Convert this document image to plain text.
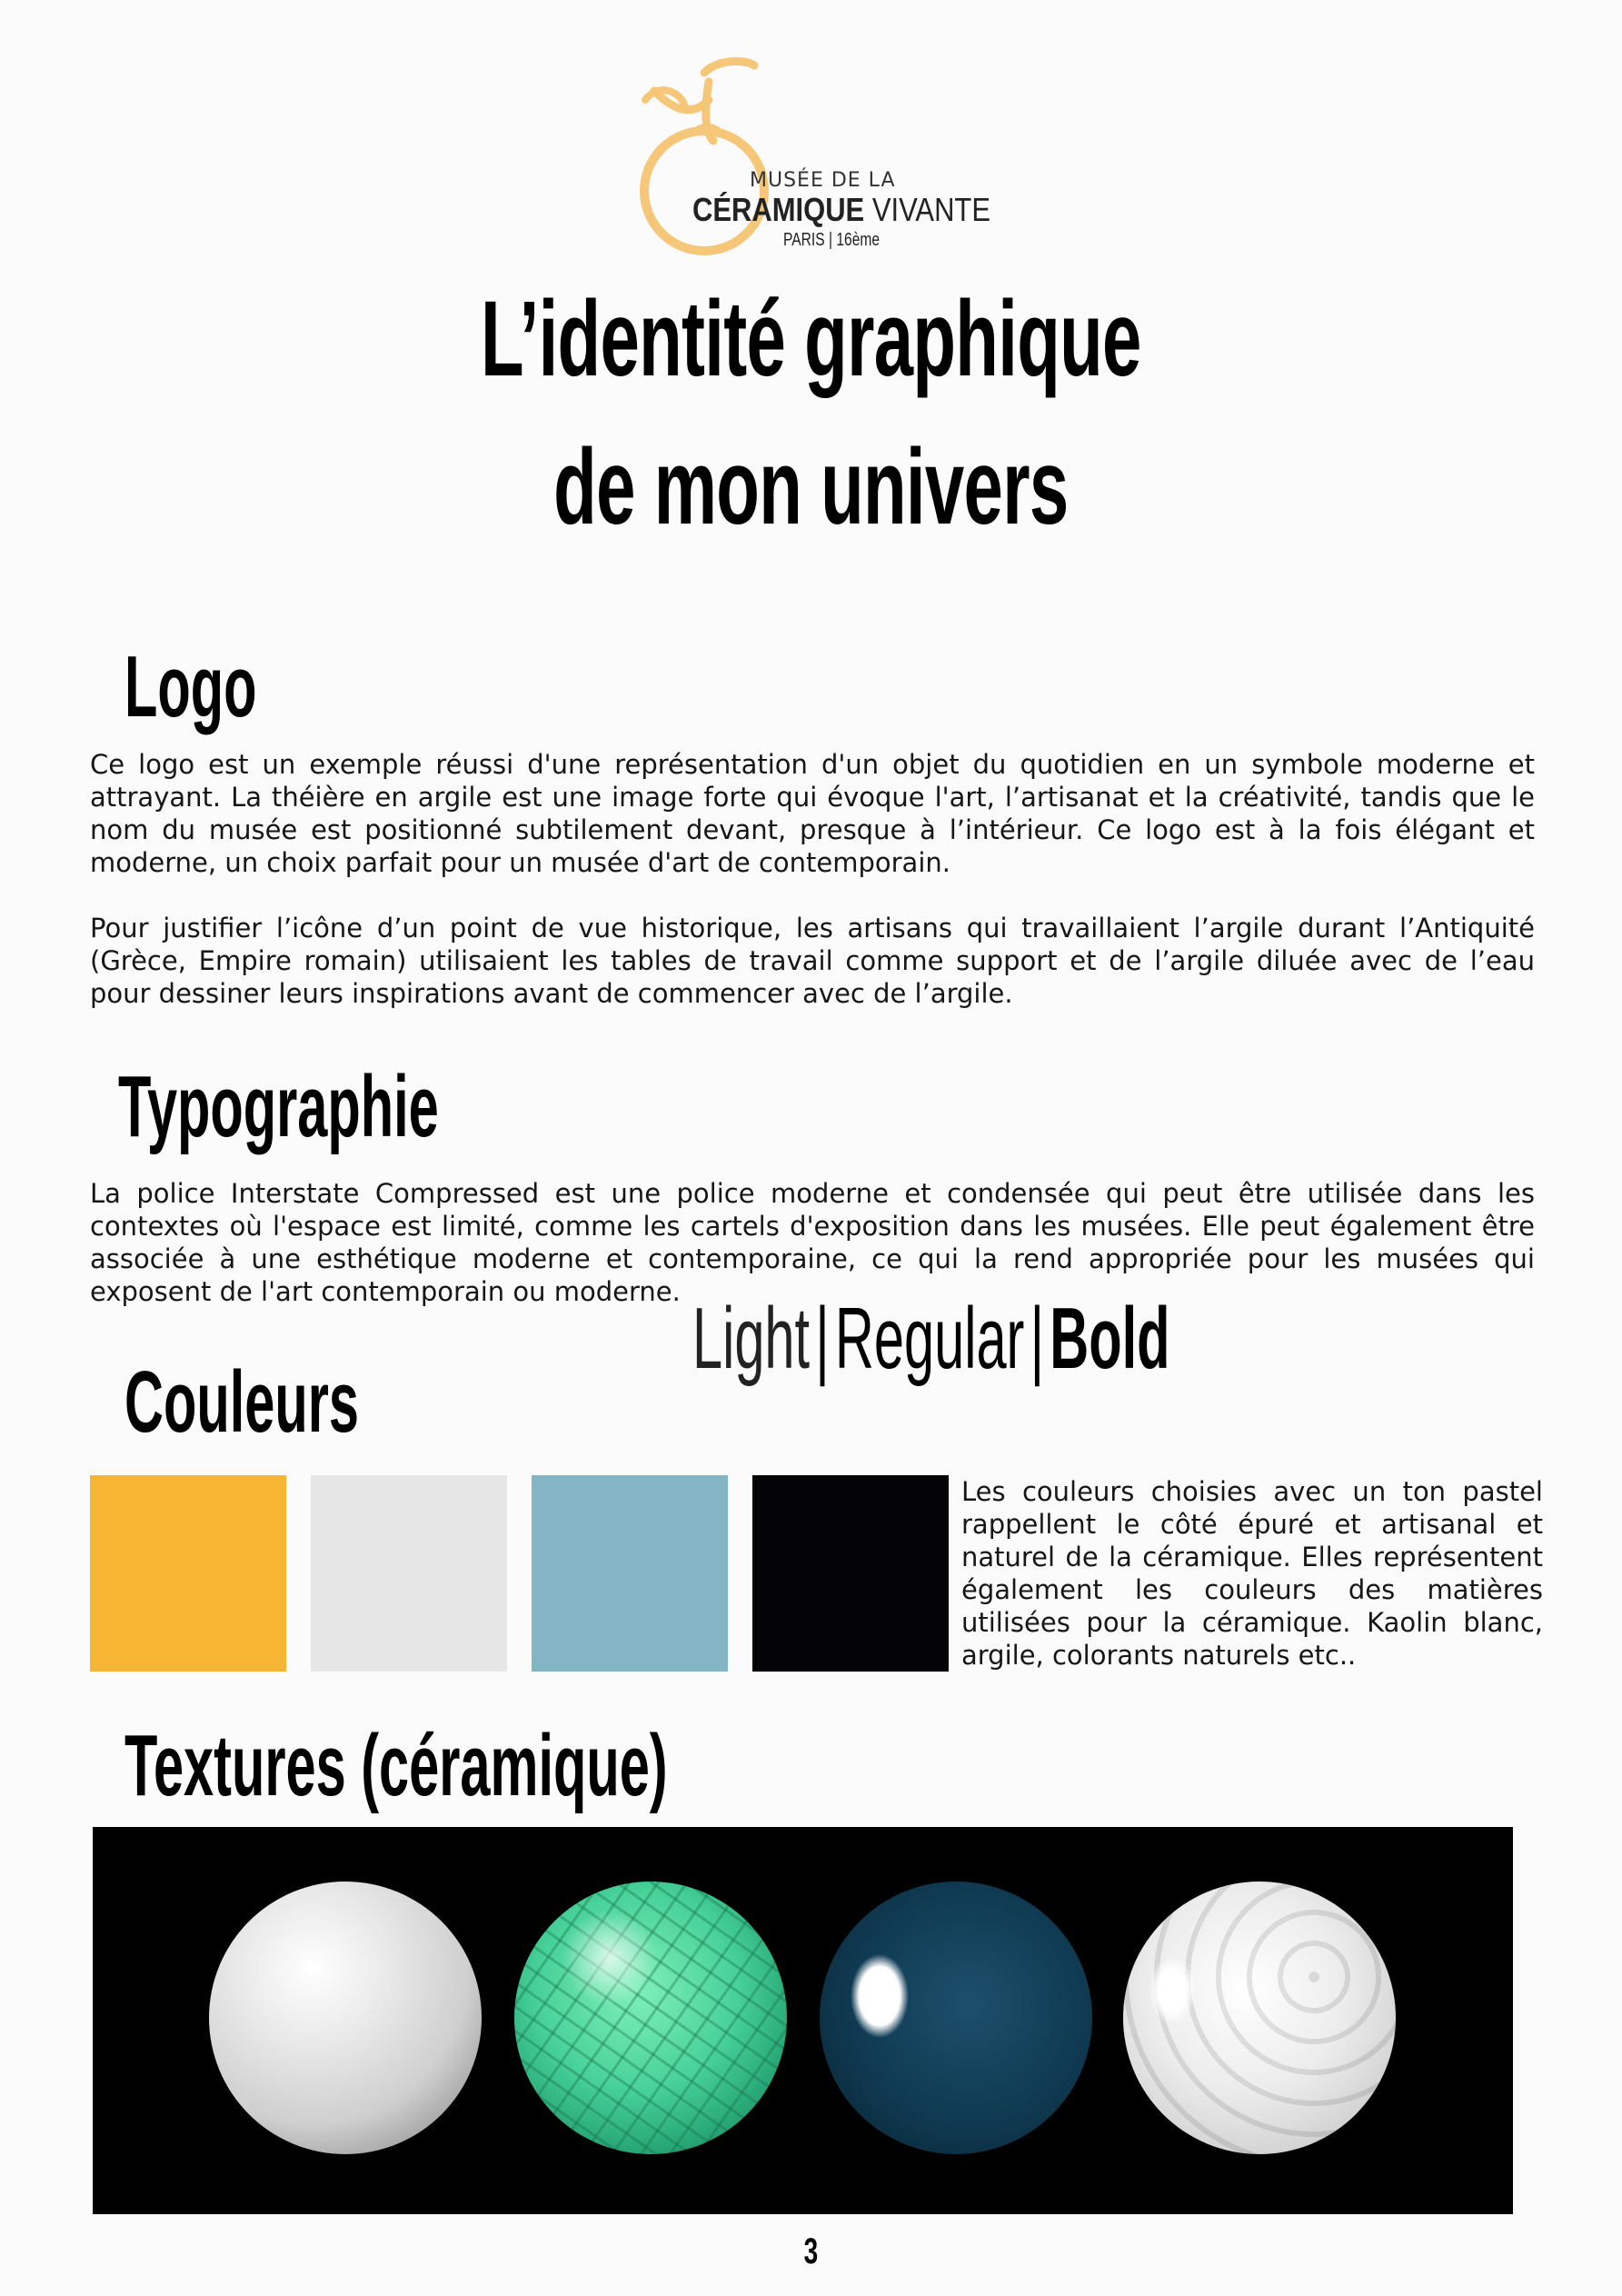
MUSÉE DE LA
CÉRAMIQUE VIVANTE
PARIS | 16ème
L’identité graphique
de mon univers
Logo
Ce logo est un exemple réussi d'une représentation d'un objet du quotidien en un symbole moderne et attrayant. La théière en argile est une image forte qui évoque l'art, l’artisanat et la créativité, tandis que le nom du musée est positionné subtilement devant, presque à l’intérieur. Ce logo est à la fois élégant et moderne, un choix parfait pour un musée d'art de contemporain.
Pour justifier l’icône d’un point de vue historique, les artisans qui travaillaient l’argile durant l’Antiquité (Grèce, Empire romain) utilisaient les tables de travail comme support et de l’argile diluée avec de l’eau pour dessiner leurs inspirations avant de commencer avec de l’argile.
Typographie
La police Interstate Compressed est une police moderne et condensée qui peut être utilisée dans les contextes où l'espace est limité, comme les cartels d'exposition dans les musées. Elle peut également être associée à une esthétique moderne et contemporaine, ce qui la rend appropriée pour les musées qui exposent de l'art contemporain ou moderne. Light|Regular|Bold
Couleurs
Les couleurs choisies avec un ton pastel rappellent le côté épuré et artisanal et naturel de la céramique. Elles représentent également les couleurs des matières utilisées pour la céramique. Kaolin blanc, argile, colorants naturels etc..
Textures (céramique)
3
